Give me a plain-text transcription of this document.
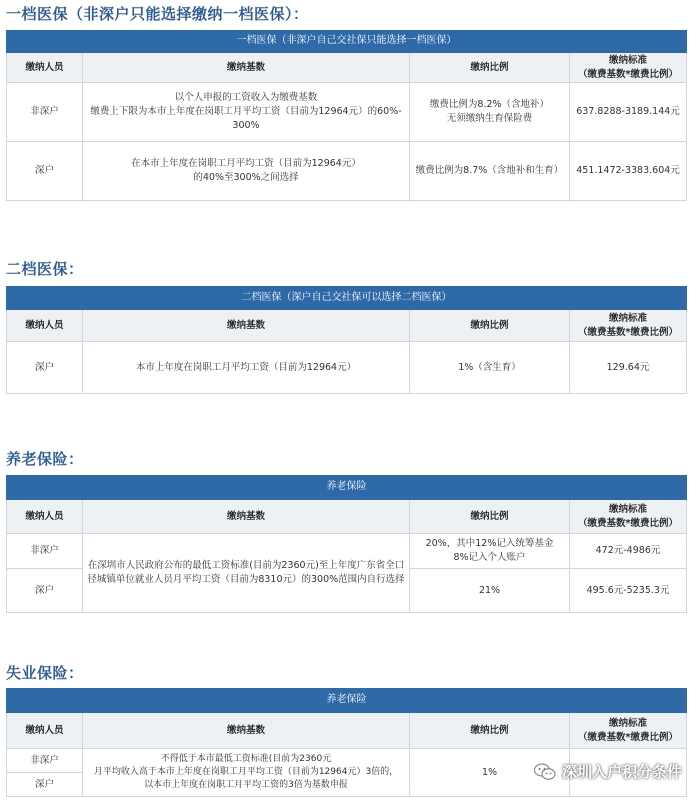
一档医保（非深户只能选择缴纳一档医保）：
一档医保（非深户自己交社保只能选择一档医保）			
缴纳人员	缴纳基数	缴纳比例	缴纳标准
（缴费基数*缴费比例）
非深户	以个人申报的工资收入为缴费基数
缴费上下限为本市上年度在岗职工月平均工资（目前为12964元）的60%-
300%	缴费比例为8.2%（含地补）
无须缴纳生育保险费	637.8288-3189.144元
深户	在本市上年度在岗职工月平均工资（目前为12964元）
的40%至300%之间选择	缴费比例为8.7%（含地补和生育）	451.1472-3383.604元
二档医保：
二档医保（深户自己交社保可以选择二档医保）			
缴纳人员	缴纳基数	缴纳比例	缴纳标准
（缴费基数*缴费比例）
深户	本市上年度在岗职工月平均工资（目前为12964元）	1%（含生育）	129.64元
养老保险：
养老保险			
缴纳人员	缴纳基数	缴纳比例	缴纳标准
（缴费基数*缴费比例）
非深户	在深圳市人民政府公布的最低工资标准(目前为2360元)至上年度广东省全口
径城镇单位就业人员月平均工资（目前为8310元）的300%范围内自行选择	20%，其中12%记入统筹基金
8%记入个人账户	472元-4986元
深户		21%	495.6元-5235.3元
失业保险：
养老保险			
缴纳人员	缴纳基数	缴纳比例	缴纳标准
（缴费基数*缴费比例）
非深户	不得低于本市最低工资标准(目前为2360元
月平均收入高于本市上年度在岗职工月平均工资（目前为12964元）3倍的，
以本市上年度在岗职工月平均工资的3倍为基数申报	1%	
深户			
深圳入户积分条件
